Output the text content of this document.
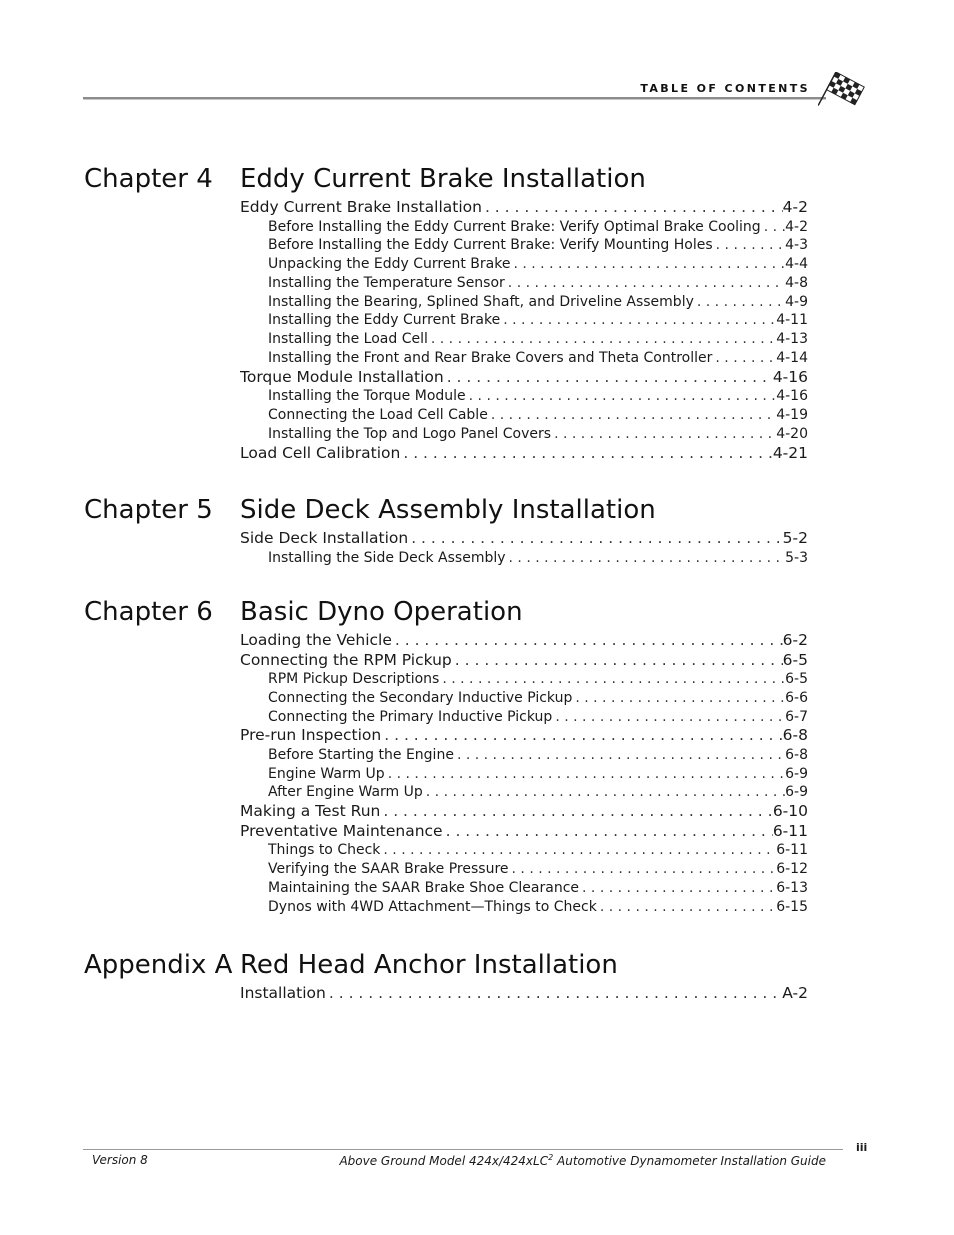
TABLE OF CONTENTS
Chapter 4 Eddy Current Brake Installation
Eddy Current Brake Installation . . .	4-2
Before Installing the Eddy Current Brake: Verify Optimal Brake Cooling . . . 4-2
Before Installing the Eddy Current Brake: Verify Mounting Holes . . .	4-3
Unpacking the Eddy Current Brake . . .	4-4
Installing the Temperature Sensor . . .	4-8
Installing the Bearing, Splined Shaft, and Driveline Assembly . . .	4-9
Installing the Eddy Current Brake . . .	4-11
Installing the Load Cell . . .	4-13
Installing the Front and Rear Brake Covers and Theta Controller . . .	4-14
Torque Module Installation . . .	4-16
Installing the Torque Module . . .	4-16
Connecting the Load Cell Cable . . .	4-19
Installing the Top and Logo Panel Covers . . .	4-20
Load Cell Calibration . . .	4-21
Chapter 5 Side Deck Assembly Installation
Side Deck Installation . . .	5-2
Installing the Side Deck Assembly . . .	5-3
Chapter 6 Basic Dyno Operation
Loading the Vehicle . . .	6-2
Connecting the RPM Pickup . . .	6-5
RPM Pickup Descriptions . . .	6-5
Connecting the Secondary Inductive Pickup . . .	6-6
Connecting the Primary Inductive Pickup . . .	6-7
Pre-run Inspection . . .	6-8
Before Starting the Engine . . .	6-8
Engine Warm Up . . .	6-9
After Engine Warm Up . . .	6-9
Making a Test Run . . .	6-10
Preventative Maintenance . . .	6-11
Things to Check . . .	6-11
Verifying the SAAR Brake Pressure . . .	6-12
Maintaining the SAAR Brake Shoe Clearance . . .	6-13
Dynos with 4WD Attachment—Things to Check . . .	6-15
Appendix A Red Head Anchor Installation
Installation . . .	A-2
Version 8	Above Ground Model 424x/424xLC$^2$ Automotive Dynamometer Installation Guide
iii
